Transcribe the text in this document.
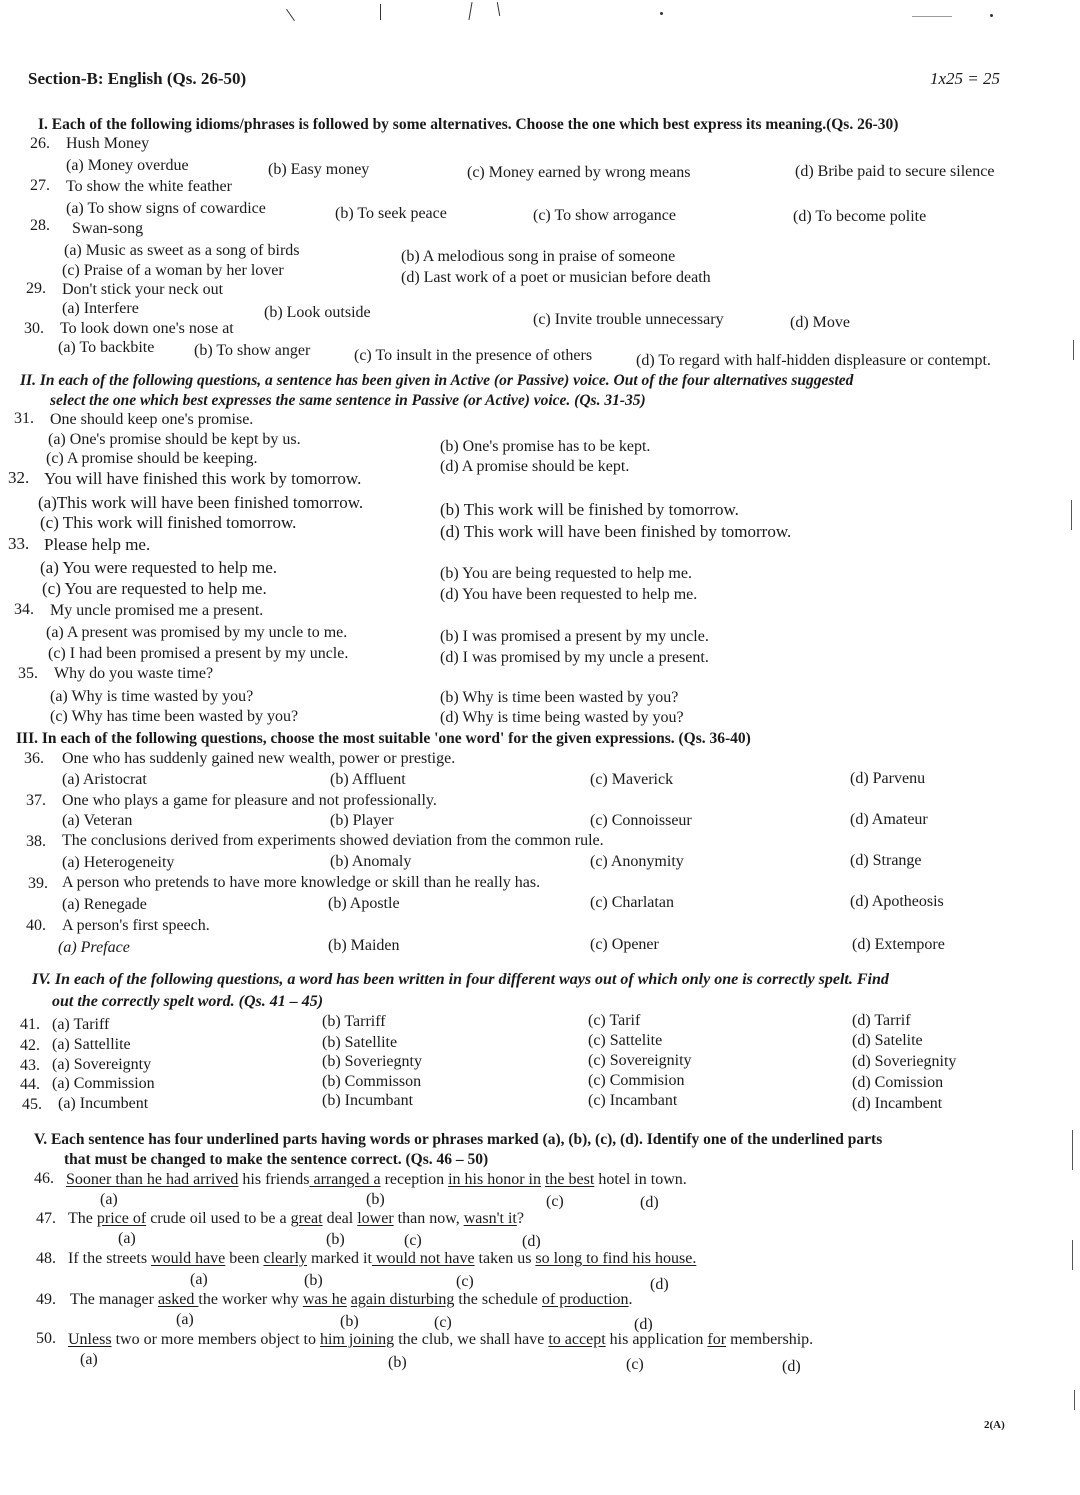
Section-B: English (Qs. 26-50)	1x25 = 25
I. Each of the following idioms/phrases is followed by some alternatives. Choose the one which best express its meaning.(Qs. 26-30)
26. Hush Money
(a) Money overdue	(b) Easy money	(c) Money earned by wrong means	(d) Bribe paid to secure silence
27. To show the white feather
(a) To show signs of cowardice	(b) To seek peace	(c) To show arrogance	(d) To become polite
28. Swan-song
(a) Music as sweet as a song of birds	(b) A melodious song in praise of someone
(c) Praise of a woman by her lover	(d) Last work of a poet or musician before death
29. Don't stick your neck out
(a) Interfere	(b) Look outside	(c) Invite trouble unnecessary	(d) Move
30. To look down one's nose at
(a) To backbite (b) To show anger	(c) To insult in the presence of others	(d) To regard with half-hidden displeasure or contempt.
II. In each of the following questions, a sentence has been given in Active (or Passive) voice. Out of the four alternatives suggested
select the one which best expresses the same sentence in Passive (or Active) voice. (Qs. 31-35)
31. One should keep one's promise.
(a) One's promise should be kept by us.	(b) One's promise has to be kept.
(c) A promise should be keeping.	(d) A promise should be kept.
32. You will have finished this work by tomorrow.
(a)This work will have been finished tomorrow.	(b) This work will be finished by tomorrow.
(c) This work will finished tomorrow.	(d) This work will have been finished by tomorrow.
33. Please help me.
(a) You were requested to help me.	(b) You are being requested to help me.
(c) You are requested to help me.	(d) You have been requested to help me.
34. My uncle promised me a present.
(a) A present was promised by my uncle to me.	(b) I was promised a present by my uncle.
(c) I had been promised a present by my uncle.	(d) I was promised by my uncle a present.
35. Why do you waste time?
(a) Why is time wasted by you?	(b) Why is time been wasted by you?
(c) Why has time been wasted by you?	(d) Why is time being wasted by you?
III. In each of the following questions, choose the most suitable 'one word' for the given expressions. (Qs. 36-40)
36. One who has suddenly gained new wealth, power or prestige.
(a) Aristocrat	(b) Affluent	(c) Maverick	(d) Parvenu
37. One who plays a game for pleasure and not professionally.
(a) Veteran	(b) Player	(c) Connoisseur	(d) Amateur
38. The conclusions derived from experiments showed deviation from the common rule.
(a) Heterogeneity	(b) Anomaly	(c) Anonymity	(d) Strange
39. A person who pretends to have more knowledge or skill than he really has.
(a) Renegade	(b) Apostle	(c) Charlatan	(d) Apotheosis
40. A person's first speech.
(a) Preface	(b) Maiden	(c) Opener	(d) Extempore
IV. In each of the following questions, a word has been written in four different ways out of which only one is correctly spelt. Find
out the correctly spelt word. (Qs. 41 – 45)
41. (a) Tariff	(b) Tarriff	(c) Tarif	(d) Tarrif
42. (a) Sattellite	(b) Satellite	(c) Sattelite	(d) Satelite
43. (a) Sovereignty	(b) Soveriegnty	(c) Sovereignity	(d) Soveriegnity
44. (a) Commission	(b) Commisson	(c) Commision	(d) Comission
45. (a) Incumbent	(b) Incumbant	(c) Incambant	(d) Incambent
V. Each sentence has four underlined parts having words or phrases marked (a), (b), (c), (d). Identify one of the underlined parts
that must be changed to make the sentence correct. (Qs. 46 – 50)
46. Sooner than he had arrived his friends arranged a reception in his honor in the best hotel in town.
(a)	(b)	(c)	(d)
47. The price of crude oil used to be a great deal lower than now, wasn't it?
(a)	(b)	(c)	(d)
48. If the streets would have been clearly marked it would not have taken us so long to find his house.
(a)	(b)	(c)	(d)
49. The manager asked the worker why was he again disturbing the schedule of production.
(a)	(b)	(c)	(d)
50. Unless two or more members object to him joining the club, we shall have to accept his application for membership.
(a)	(b)	(c)	(d)
2(A)
